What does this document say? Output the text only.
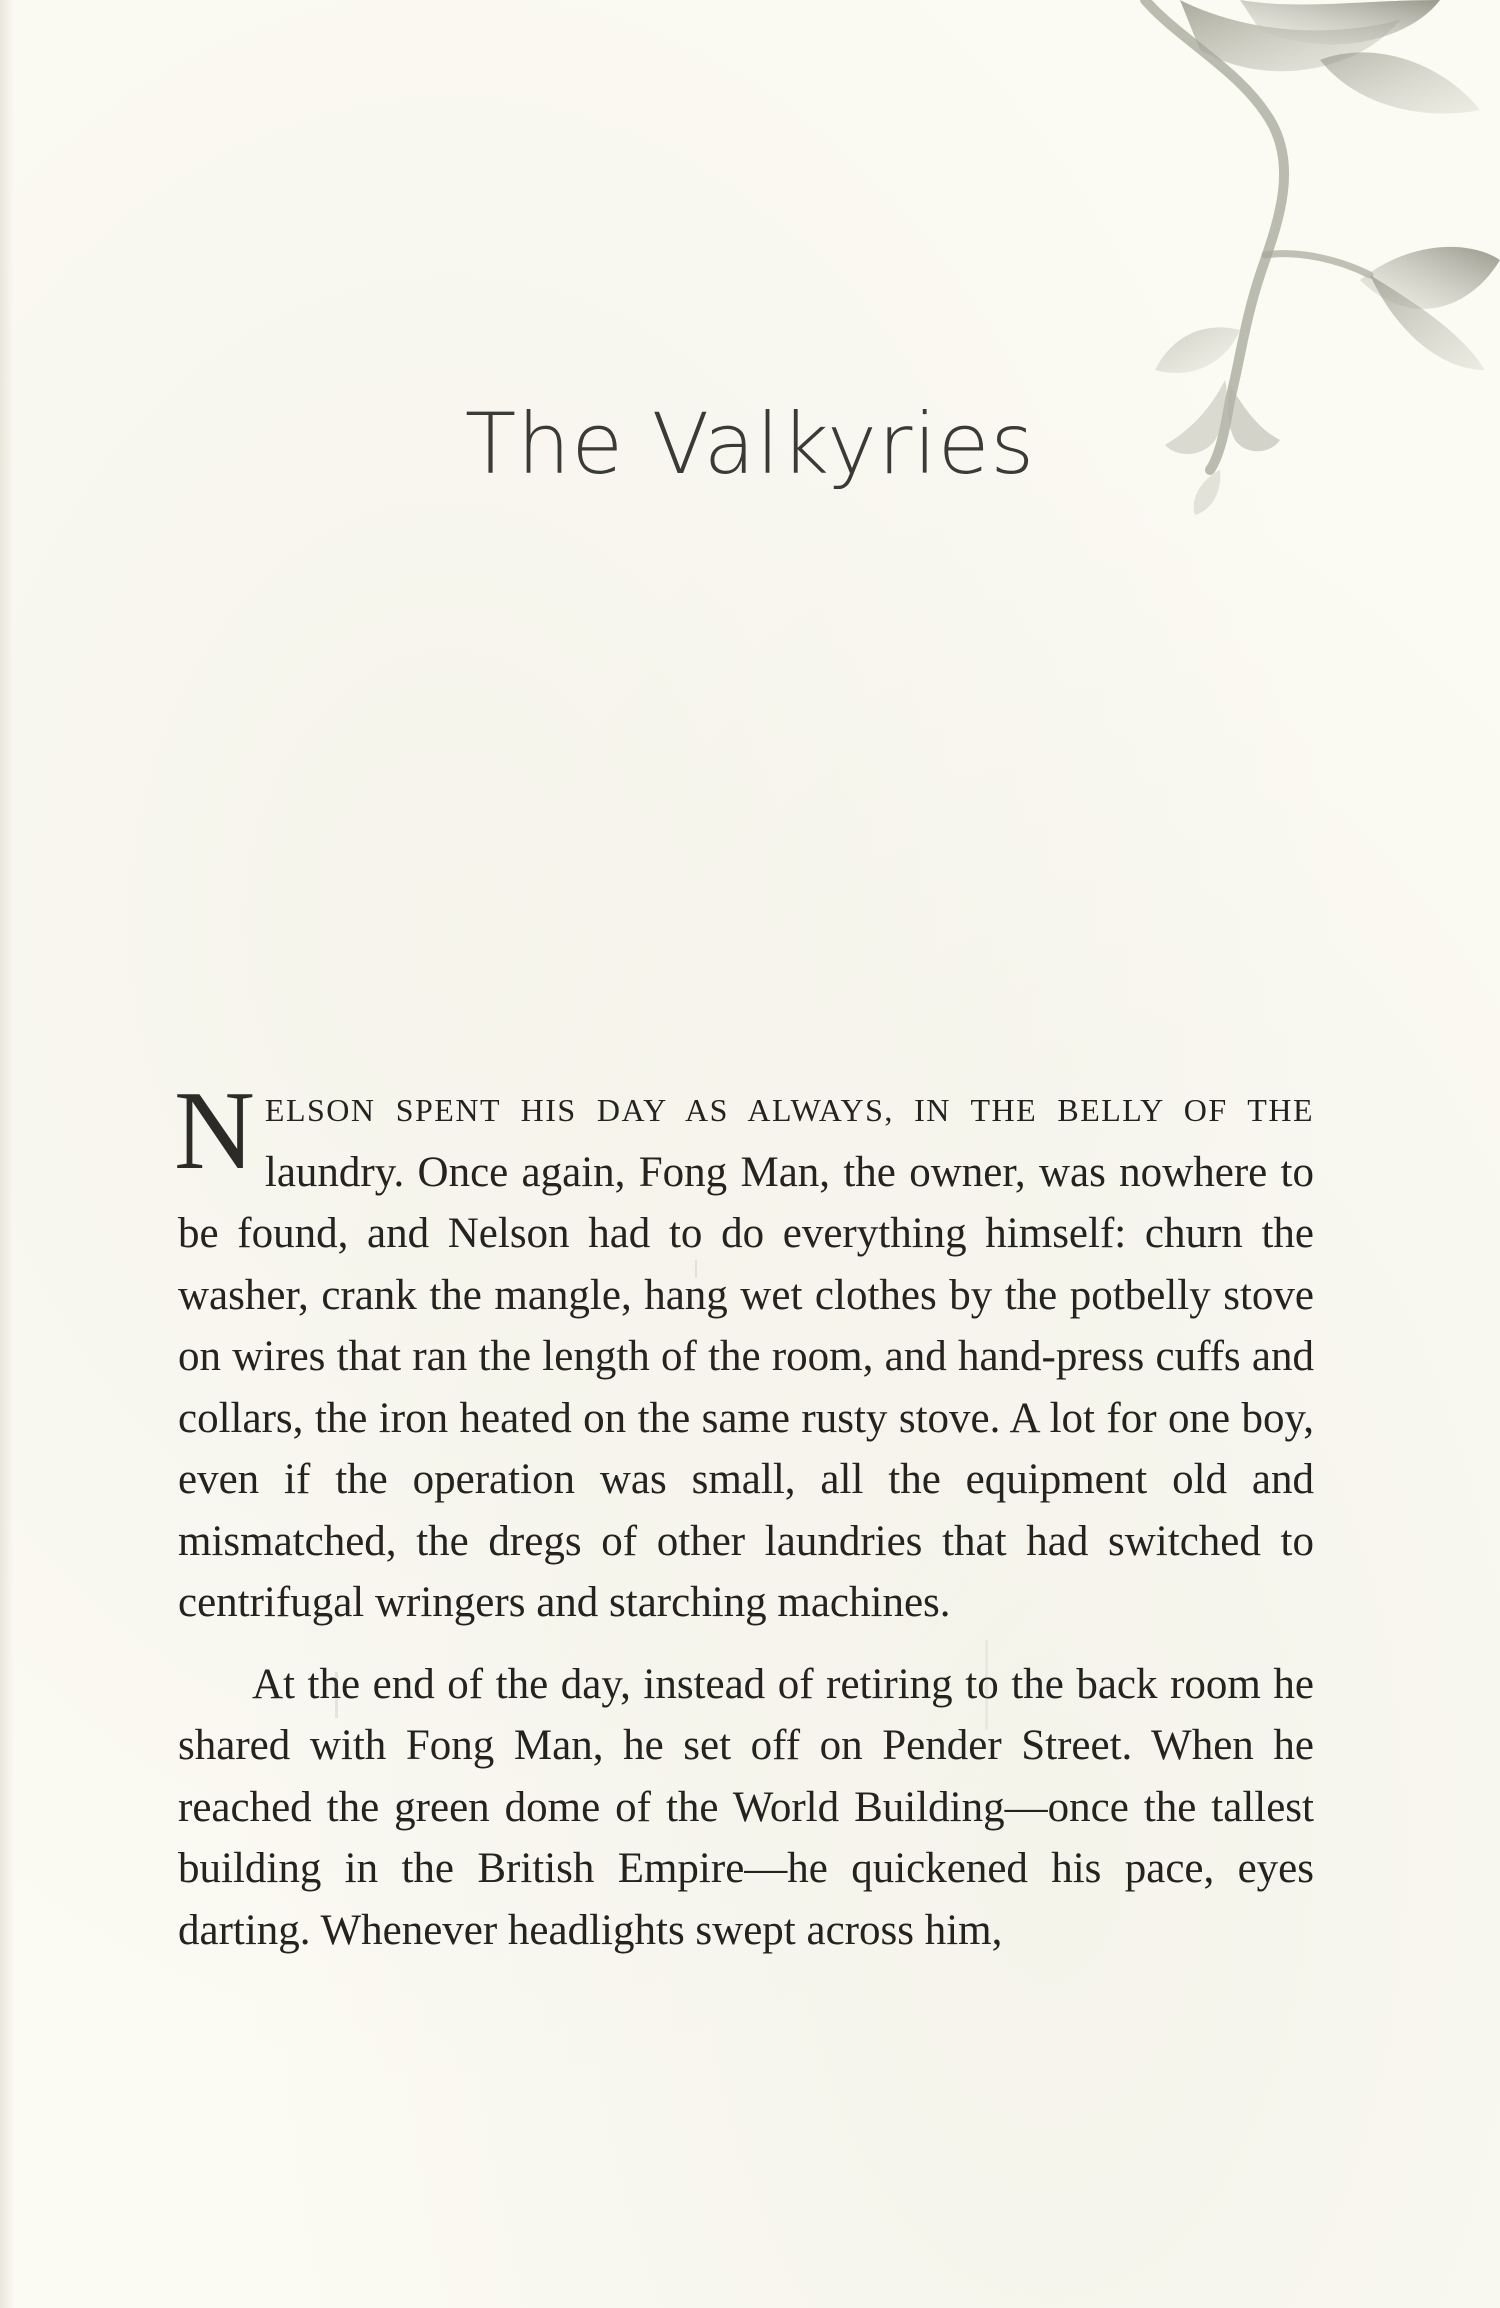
The Valkyries

NELSON SPENT HIS DAY AS ALWAYS, IN THE BELLY OF THE laundry. Once again, Fong Man, the owner, was nowhere to be found, and Nelson had to do everything himself: churn the washer, crank the mangle, hang wet clothes by the potbelly stove on wires that ran the length of the room, and hand-press cuffs and collars, the iron heated on the same rusty stove. A lot for one boy, even if the operation was small, all the equipment old and mismatched, the dregs of other laundries that had switched to centrifugal wringers and starching machines.

At the end of the day, instead of retiring to the back room he shared with Fong Man, he set off on Pender Street. When he reached the green dome of the World Building—once the tallest building in the British Empire—he quickened his pace, eyes darting. Whenever headlights swept across him,
